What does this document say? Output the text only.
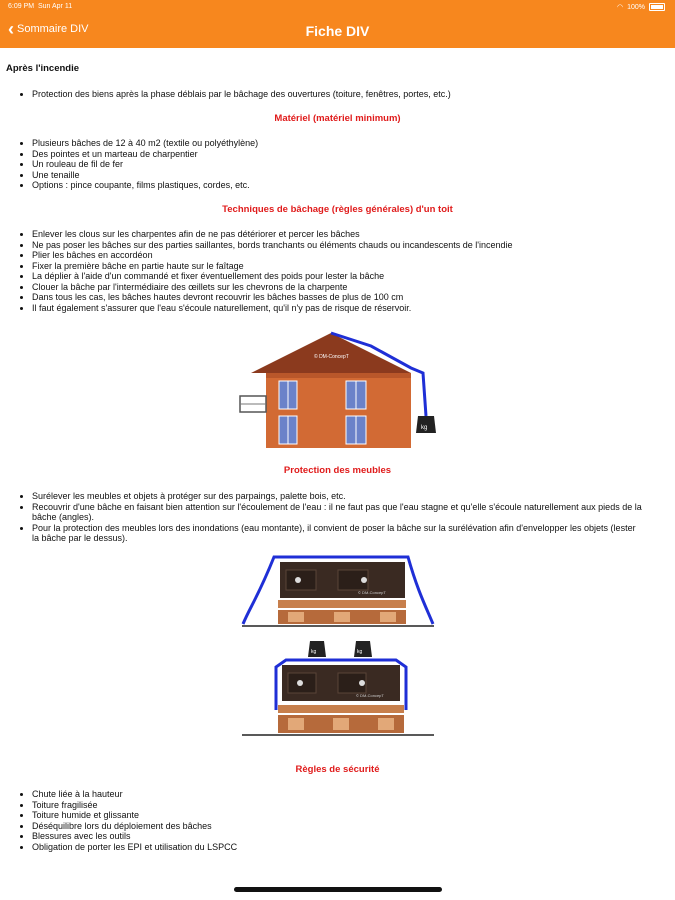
6:09 PM Sun Apr 11	◠ 100%
‹ Sommaire DIV	Fiche DIV
Après l'incendie
• Protection des biens après la phase déblais par le bâchage des ouvertures (toiture, fenêtres, portes, etc.)
Matériel (matériel minimum)
• Plusieurs bâches de 12 à 40 m2 (textile ou polyéthylène)
• Des pointes et un marteau de charpentier
• Un rouleau de fil de fer
• Une tenaille
• Options : pince coupante, films plastiques, cordes, etc.
Techniques de bâchage (règles générales) d'un toit
• Enlever les clous sur les charpentes afin de ne pas détériorer et percer les bâches
• Ne pas poser les bâches sur des parties saillantes, bords tranchants ou éléments chauds ou incandescents de l'incendie
• Plier les bâches en accordéon
• Fixer la première bâche en partie haute sur le faîtage
• La déplier à l'aide d'un commandé et fixer éventuellement des poids pour lester la bâche
• Clouer la bâche par l'intermédiaire des œillets sur les chevrons de la charpente
• Dans tous les cas, les bâches hautes devront recouvrir les bâches basses de plus de 100 cm
• Il faut également s'assurer que l'eau s'écoule naturellement, qu'il n'y pas de risque de réservoir.
Protection des meubles
• Surélever les meubles et objets à protéger sur des parpaings, palette bois, etc.
• Recouvrir d'une bâche en faisant bien attention sur l'écoulement de l'eau : il ne faut pas que l'eau stagne et qu'elle s'écoule naturellement aux pieds de la bâche (angles).
• Pour la protection des meubles lors des inondations (eau montante), il convient de poser la bâche sur la surélévation afin d'envelopper les objets (lester la bâche par le dessus).
Règles de sécurité
• Chute liée à la hauteur
• Toiture fragilisée
• Toiture humide et glissante
• Déséquilibre lors du déploiement des bâches
• Blessures avec les outils
• Obligation de porter les EPI et utilisation du LSPCC
© DM-ConcepT
kg
© DM-ConcepT
kg	kg
© DM-ConcepT
